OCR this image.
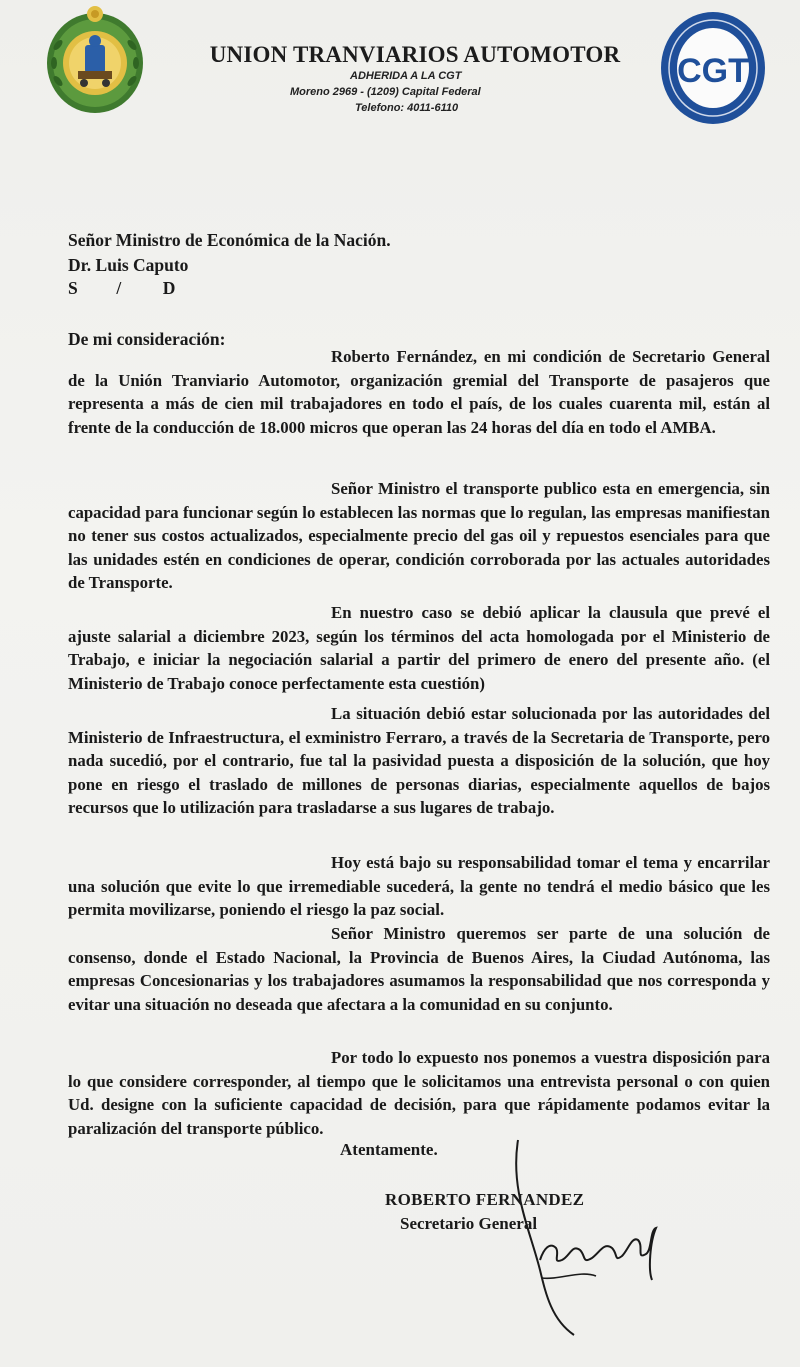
UNION TRANVIARIOS AUTOMOTOR
ADHERIDA A LA CGT
Moreno 2969 - (1209) Capital Federal
Telefono: 4011-6110
CGT
Señor Ministro de Económica de la Nación.
Dr. Luis Caputo
S / D
De mi consideración:

Roberto Fernández, en mi condición de Secretario General de la Unión Tranviario Automotor, organización gremial del Transporte de pasajeros que representa a más de cien mil trabajadores en todo el país, de los cuales cuarenta mil, están al frente de la conducción de 18.000 micros que operan las 24 horas del día en todo el AMBA.

Señor Ministro el transporte publico esta en emergencia, sin capacidad para funcionar según lo establecen las normas que lo regulan, las empresas manifiestan no tener sus costos actualizados, especialmente precio del gas oil y repuestos esenciales para que las unidades estén en condiciones de operar, condición corroborada por las actuales autoridades de Transporte.

En nuestro caso se debió aplicar la clausula que prevé el ajuste salarial a diciembre 2023, según los términos del acta homologada por el Ministerio de Trabajo, e iniciar la negociación salarial a partir del primero de enero del presente año. (el Ministerio de Trabajo conoce perfectamente esta cuestión)

La situación debió estar solucionada por las autoridades del Ministerio de Infraestructura, el exministro Ferraro, a través de la Secretaria de Transporte, pero nada sucedió, por el contrario, fue tal la pasividad puesta a disposición de la solución, que hoy pone en riesgo el traslado de millones de personas diarias, especialmente aquellos de bajos recursos que lo utilización para trasladarse a sus lugares de trabajo.

Hoy está bajo su responsabilidad tomar el tema y encarrilar una solución que evite lo que irremediable sucederá, la gente no tendrá el medio básico que les permita movilizarse, poniendo el riesgo la paz social.

Señor Ministro queremos ser parte de una solución de consenso, donde el Estado Nacional, la Provincia de Buenos Aires, la Ciudad Autónoma, las empresas Concesionarias y los trabajadores asumamos la responsabilidad que nos corresponda y evitar una situación no deseada que afectara a la comunidad en su conjunto.

Por todo lo expuesto nos ponemos a vuestra disposición para lo que considere corresponder, al tiempo que le solicitamos una entrevista personal o con quien Ud. designe con la suficiente capacidad de decisión, para que rápidamente podamos evitar la paralización del transporte público.

Atentamente.
ROBERTO FERNANDEZ
Secretario General
